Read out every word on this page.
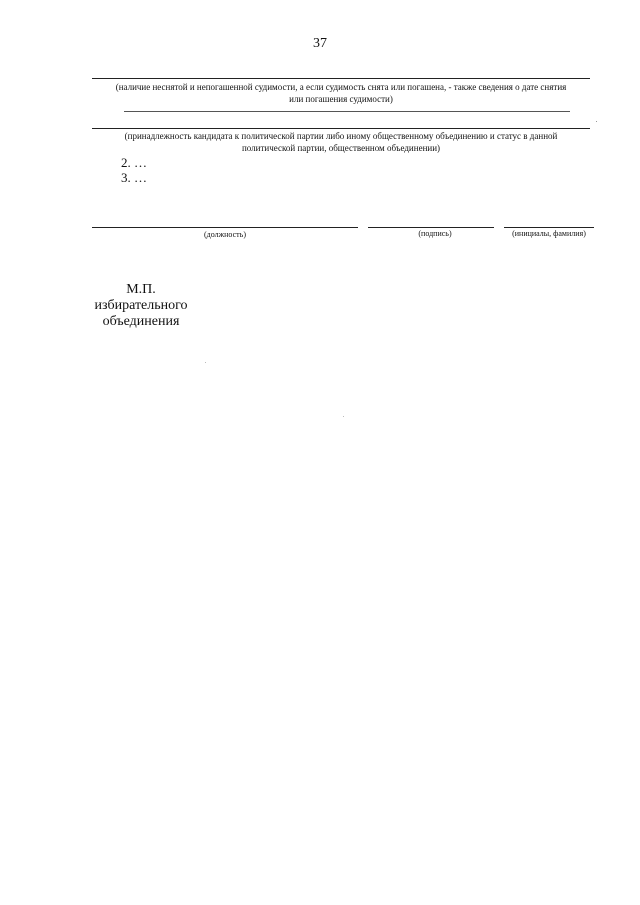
37
(наличие неснятой и непогашенной судимости, а если судимость снята или погашена, - также сведения о дате снятия
или погашения судимости)
(принадлежность кандидата к политической партии либо иному общественному объединению и статус в данной
политической партии, общественном объединении)
2. …
3. …
(должность)	(подпись)	(инициалы, фамилия)
М.П.
избирательного
объединения
